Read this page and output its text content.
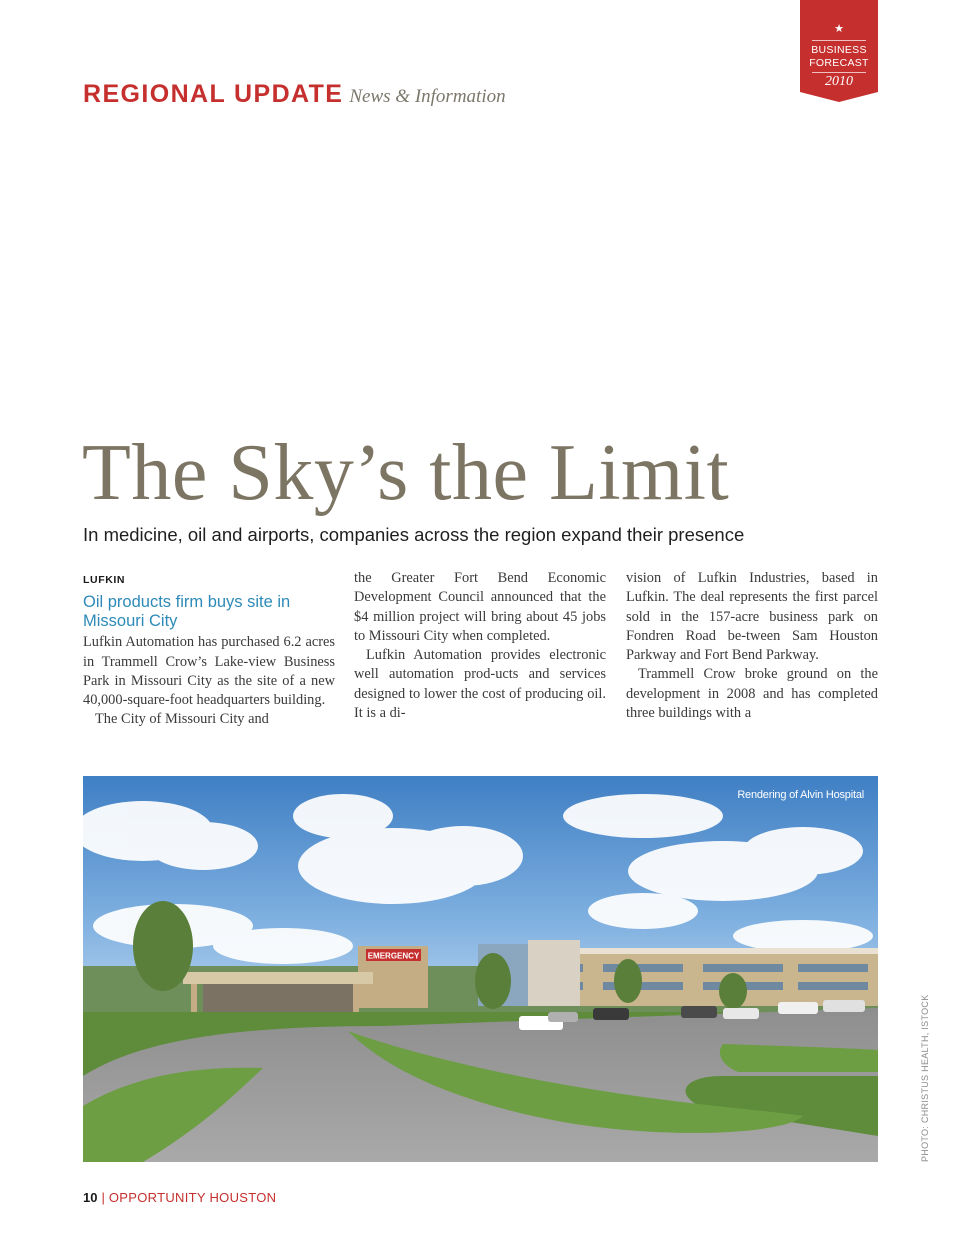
REGIONAL UPDATE News & Information
★
BUSINESS
FORECAST
2010
The Sky’s the Limit
In medicine, oil and airports, companies across the region expand their presence
LUFKIN
Oil products firm buys site in Missouri City

Lufkin Automation has purchased 6.2 acres in Trammell Crow’s Lake-view Business Park in Missouri City as the site of a new 40,000-square-foot headquarters building.

The City of Missouri City and

the Greater Fort Bend Economic Development Council announced that the $4 million project will bring about 45 jobs to Missouri City when completed.

Lufkin Automation provides electronic well automation prod-ucts and services designed to lower the cost of producing oil. It is a di-

vision of Lufkin Industries, based in Lufkin. The deal represents the first parcel sold in the 157-acre business park on Fondren Road be-tween Sam Houston Parkway and Fort Bend Parkway.

Trammell Crow broke ground on the development in 2008 and has completed three buildings with a

EMERGENCY
Rendering of Alvin Hospital
PHOTO: CHRISTUS HEALTH, ISTOCK
10 | OPPORTUNITY HOUSTON
